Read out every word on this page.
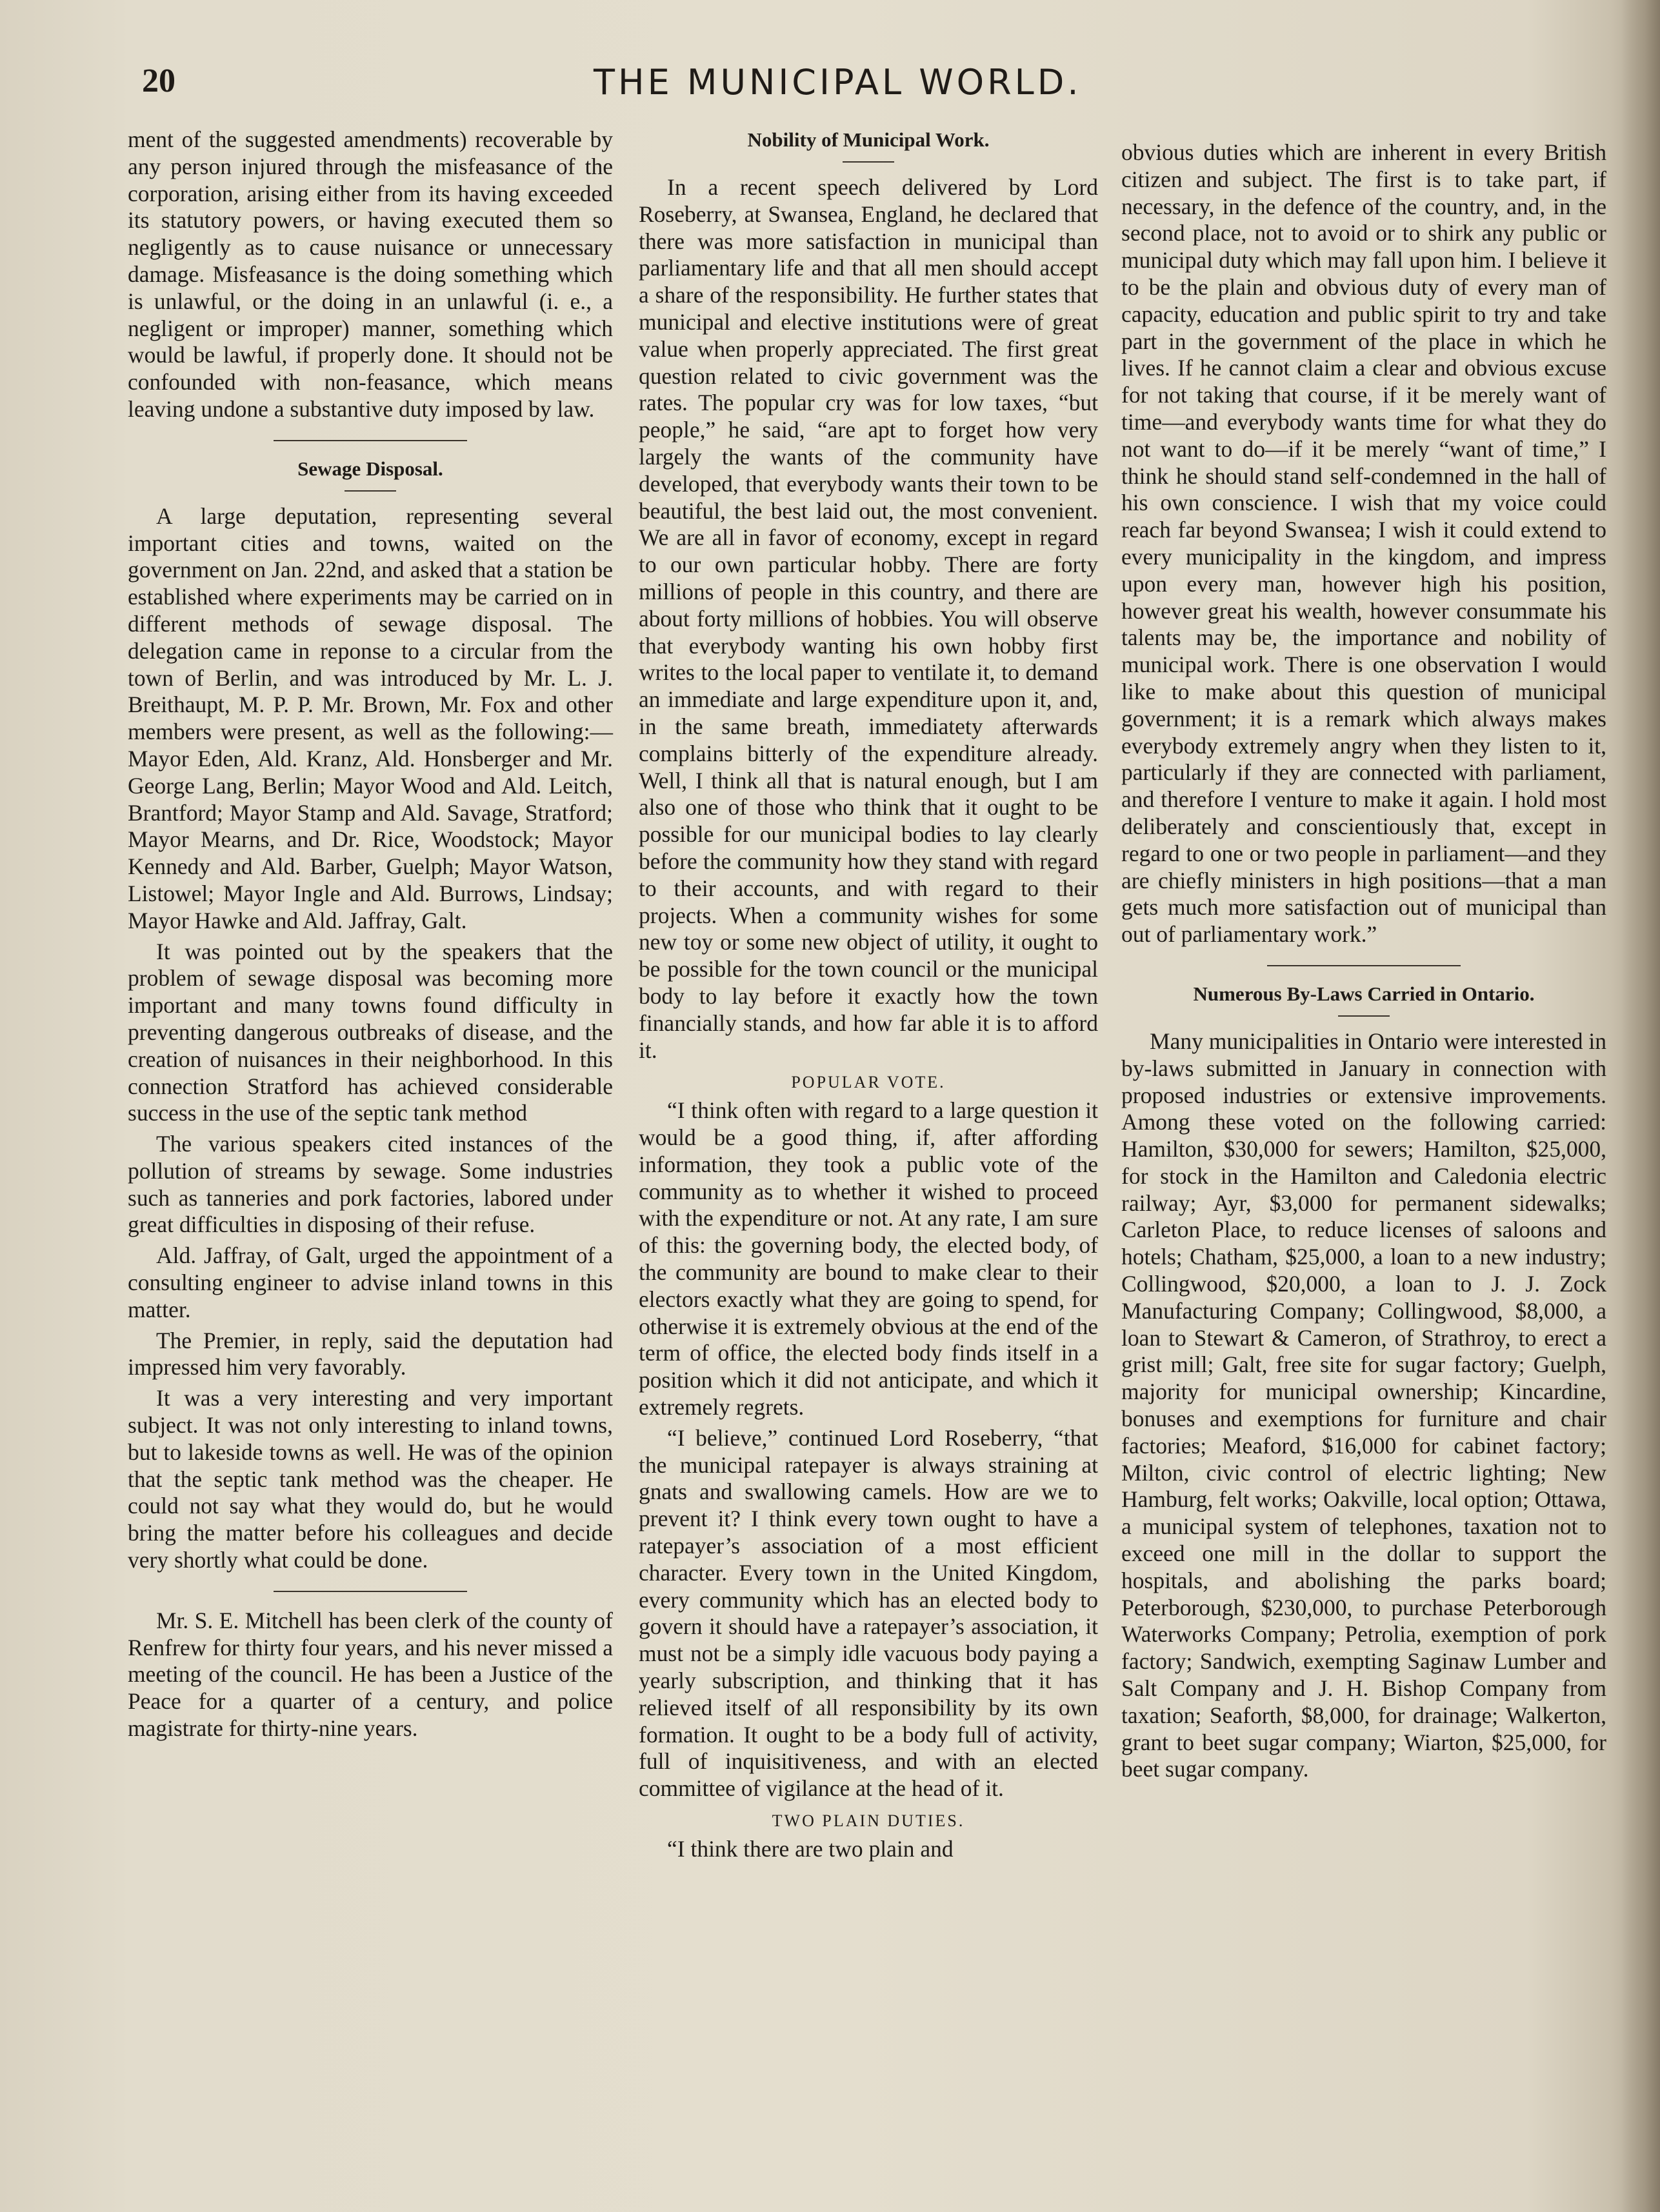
20	THE MUNICIPAL WORLD.

ment of the suggested amendments) recoverable by any person injured through the misfeasance of the corporation, arising either from its having exceeded its statutory powers, or having executed them so negligently as to cause nuisance or unnecessary damage. Misfeasance is the doing something which is unlawful, or the doing in an unlawful (i. e., a negligent or improper) manner, something which would be lawful, if properly done. It should not be confounded with non-feasance, which means leaving undone a substantive duty imposed by law.

Sewage Disposal.

A large deputation, representing several important cities and towns, waited on the government on Jan. 22nd, and asked that a station be established where experiments may be carried on in different methods of sewage disposal. The delegation came in reponse to a circular from the town of Berlin, and was introduced by Mr. L. J. Breithaupt, M. P. P. Mr. Brown, Mr. Fox and other members were present, as well as the following:—Mayor Eden, Ald. Kranz, Ald. Honsberger and Mr. George Lang, Berlin; Mayor Wood and Ald. Leitch, Brantford; Mayor Stamp and Ald. Savage, Stratford; Mayor Mearns, and Dr. Rice, Woodstock; Mayor Kennedy and Ald. Barber, Guelph; Mayor Watson, Listowel; Mayor Ingle and Ald. Burrows, Lindsay; Mayor Hawke and Ald. Jaffray, Galt.

It was pointed out by the speakers that the problem of sewage disposal was becoming more important and many towns found difficulty in preventing dangerous outbreaks of disease, and the creation of nuisances in their neighborhood. In this connection Stratford has achieved considerable success in the use of the septic tank method

The various speakers cited instances of the pollution of streams by sewage. Some industries such as tanneries and pork factories, labored under great difficulties in disposing of their refuse.

Ald. Jaffray, of Galt, urged the appointment of a consulting engineer to advise inland towns in this matter.

The Premier, in reply, said the deputation had impressed him very favorably.

It was a very interesting and very important subject. It was not only interesting to inland towns, but to lakeside towns as well. He was of the opinion that the septic tank method was the cheaper. He could not say what they would do, but he would bring the matter before his colleagues and decide very shortly what could be done.

Mr. S. E. Mitchell has been clerk of the county of Renfrew for thirty four years, and his never missed a meeting of the council. He has been a Justice of the Peace for a quarter of a century, and police magistrate for thirty-nine years.

Nobility of Municipal Work.

In a recent speech delivered by Lord Roseberry, at Swansea, England, he declared that there was more satisfaction in municipal than parliamentary life and that all men should accept a share of the responsibility. He further states that municipal and elective institutions were of great value when properly appreciated. The first great question related to civic government was the rates. The popular cry was for low taxes, “but people,” he said, “are apt to forget how very largely the wants of the community have developed, that everybody wants their town to be beautiful, the best laid out, the most convenient. We are all in favor of economy, except in regard to our own particular hobby. There are forty millions of people in this country, and there are about forty millions of hobbies. You will observe that everybody wanting his own hobby first writes to the local paper to ventilate it, to demand an immediate and large expenditure upon it, and, in the same breath, immediatety afterwards complains bitterly of the expenditure already. Well, I think all that is natural enough, but I am also one of those who think that it ought to be possible for our municipal bodies to lay clearly before the community how they stand with regard to their accounts, and with regard to their projects. When a community wishes for some new toy or some new object of utility, it ought to be possible for the town council or the municipal body to lay before it exactly how the town financially stands, and how far able it is to afford it.

POPULAR VOTE.

“I think often with regard to a large question it would be a good thing, if, after affording information, they took a public vote of the community as to whether it wished to proceed with the expenditure or not. At any rate, I am sure of this: the governing body, the elected body, of the community are bound to make clear to their electors exactly what they are going to spend, for otherwise it is extremely obvious at the end of the term of office, the elected body finds itself in a position which it did not anticipate, and which it extremely regrets.

“I believe,” continued Lord Roseberry, “that the municipal ratepayer is always straining at gnats and swallowing camels. How are we to prevent it? I think every town ought to have a ratepayer’s association of a most efficient character. Every town in the United Kingdom, every community which has an elected body to govern it should have a ratepayer’s association, it must not be a simply idle vacuous body paying a yearly subscription, and thinking that it has relieved itself of all responsibility by its own formation. It ought to be a body full of activity, full of inquisitiveness, and with an elected committee of vigilance at the head of it.

TWO PLAIN DUTIES.

“I think there are two plain and

obvious duties which are inherent in every British citizen and subject. The first is to take part, if necessary, in the defence of the country, and, in the second place, not to avoid or to shirk any public or municipal duty which may fall upon him. I believe it to be the plain and obvious duty of every man of capacity, education and public spirit to try and take part in the government of the place in which he lives. If he cannot claim a clear and obvious excuse for not taking that course, if it be merely want of time—and everybody wants time for what they do not want to do—if it be merely “want of time,” I think he should stand self-condemned in the hall of his own conscience. I wish that my voice could reach far beyond Swansea; I wish it could extend to every municipality in the kingdom, and impress upon every man, however high his position, however great his wealth, however consummate his talents may be, the importance and nobility of municipal work. There is one observation I would like to make about this question of municipal government; it is a remark which always makes everybody extremely angry when they listen to it, particularly if they are connected with parliament, and therefore I venture to make it again. I hold most deliberately and conscientiously that, except in regard to one or two people in parliament—and they are chiefly ministers in high positions—that a man gets much more satisfaction out of municipal than out of parliamentary work.”

Numerous By-Laws Carried in Ontario.

Many municipalities in Ontario were interested in by-laws submitted in January in connection with proposed industries or extensive improvements. Among these voted on the following carried: Hamilton, $30,000 for sewers; Hamilton, $25,000, for stock in the Hamilton and Caledonia electric railway; Ayr, $3,000 for permanent sidewalks; Carleton Place, to reduce licenses of saloons and hotels; Chatham, $25,000, a loan to a new industry; Collingwood, $20,000, a loan to J. J. Zock Manufacturing Company; Collingwood, $8,000, a loan to Stewart & Cameron, of Strathroy, to erect a grist mill; Galt, free site for sugar factory; Guelph, majority for municipal ownership; Kincardine, bonuses and exemptions for furniture and chair factories; Meaford, $16,000 for cabinet factory; Milton, civic control of electric lighting; New Hamburg, felt works; Oakville, local option; Ottawa, a municipal system of telephones, taxation not to exceed one mill in the dollar to support the hospitals, and abolishing the parks board; Peterborough, $230,000, to purchase Peterborough Waterworks Company; Petrolia, exemption of pork factory; Sandwich, exempting Saginaw Lumber and Salt Company and J. H. Bishop Company from taxation; Seaforth, $8,000, for drainage; Walkerton, grant to beet sugar company; Wiarton, $25,000, for beet sugar company.
